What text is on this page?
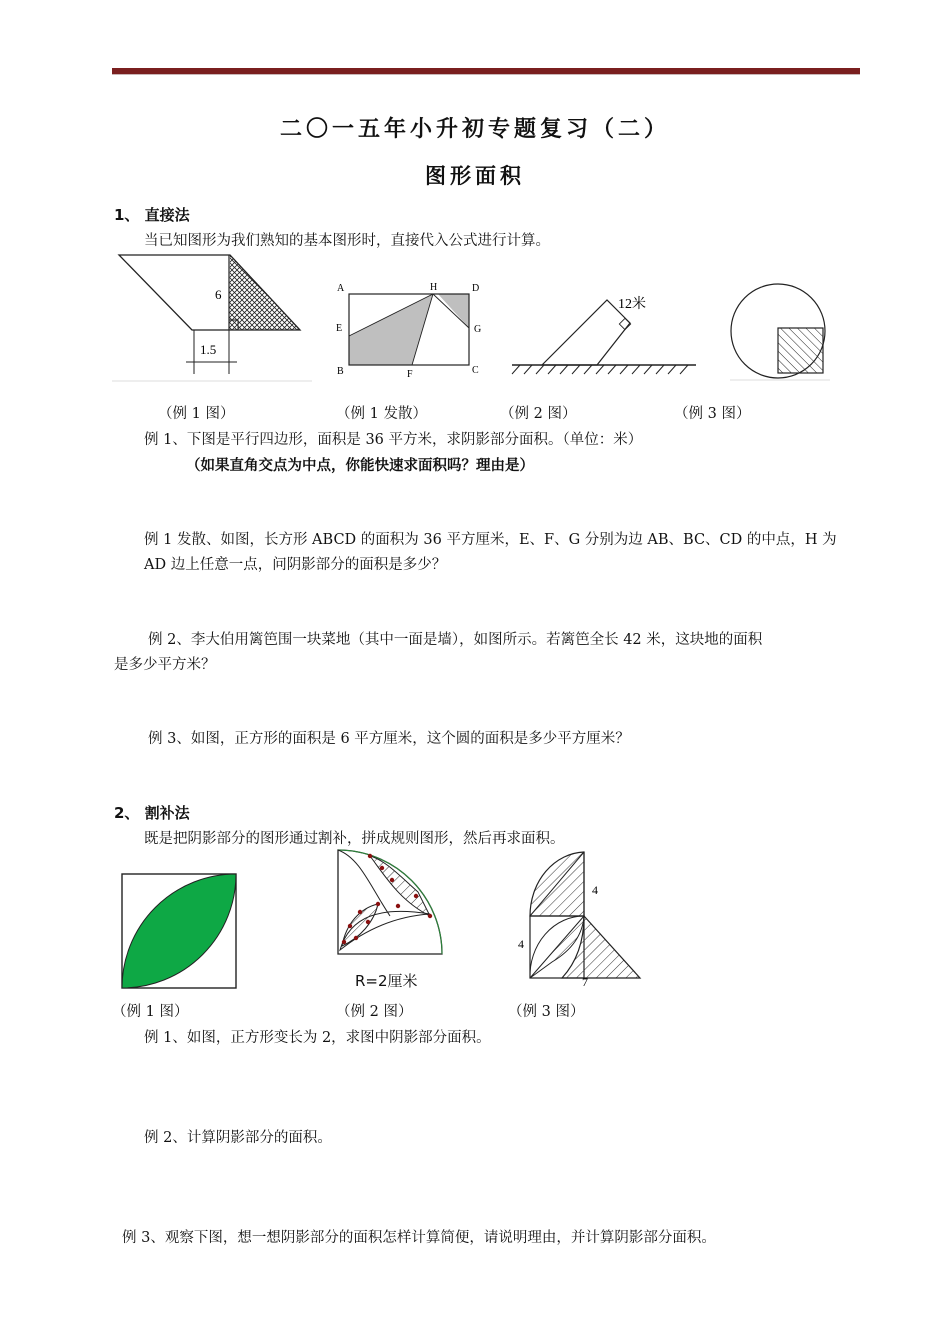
二〇一五年小升初专题复习（二）
图形面积
1、 直接法
当已知图形为我们熟知的基本图形时，直接代入公式进行计算。
6
1.5
A	H	D
E	G
B	F	C
12米
（例 1 图）	（例 1 发散）	（例 2 图）	（例 3 图）
例 1、下图是平行四边形，面积是 36 平方米，求阴影部分面积。（单位：米）
（如果直角交点为中点，你能快速求面积吗？理由是）
例 1 发散、如图，长方形 ABCD 的面积为 36 平方厘米，E、F、G 分别为边 AB、BC、CD 的中点，H 为
AD 边上任意一点，问阴影部分的面积是多少？
例 2、李大伯用篱笆围一块菜地（其中一面是墙），如图所示。若篱笆全长 42 米，这块地的面积
是多少平方米？
例 3、如图，正方形的面积是 6 平方厘米，这个圆的面积是多少平方厘米？
2、 割补法
既是把阴影部分的图形通过割补，拼成规则图形，然后再求面积。
R=2厘米
4
4
7
（例 1 图）	（例 2 图）	（例 3 图）
例 1、如图，正方形变长为 2，求图中阴影部分面积。
例 2、计算阴影部分的面积。
例 3、观察下图，想一想阴影部分的面积怎样计算简便，请说明理由，并计算阴影部分面积。
